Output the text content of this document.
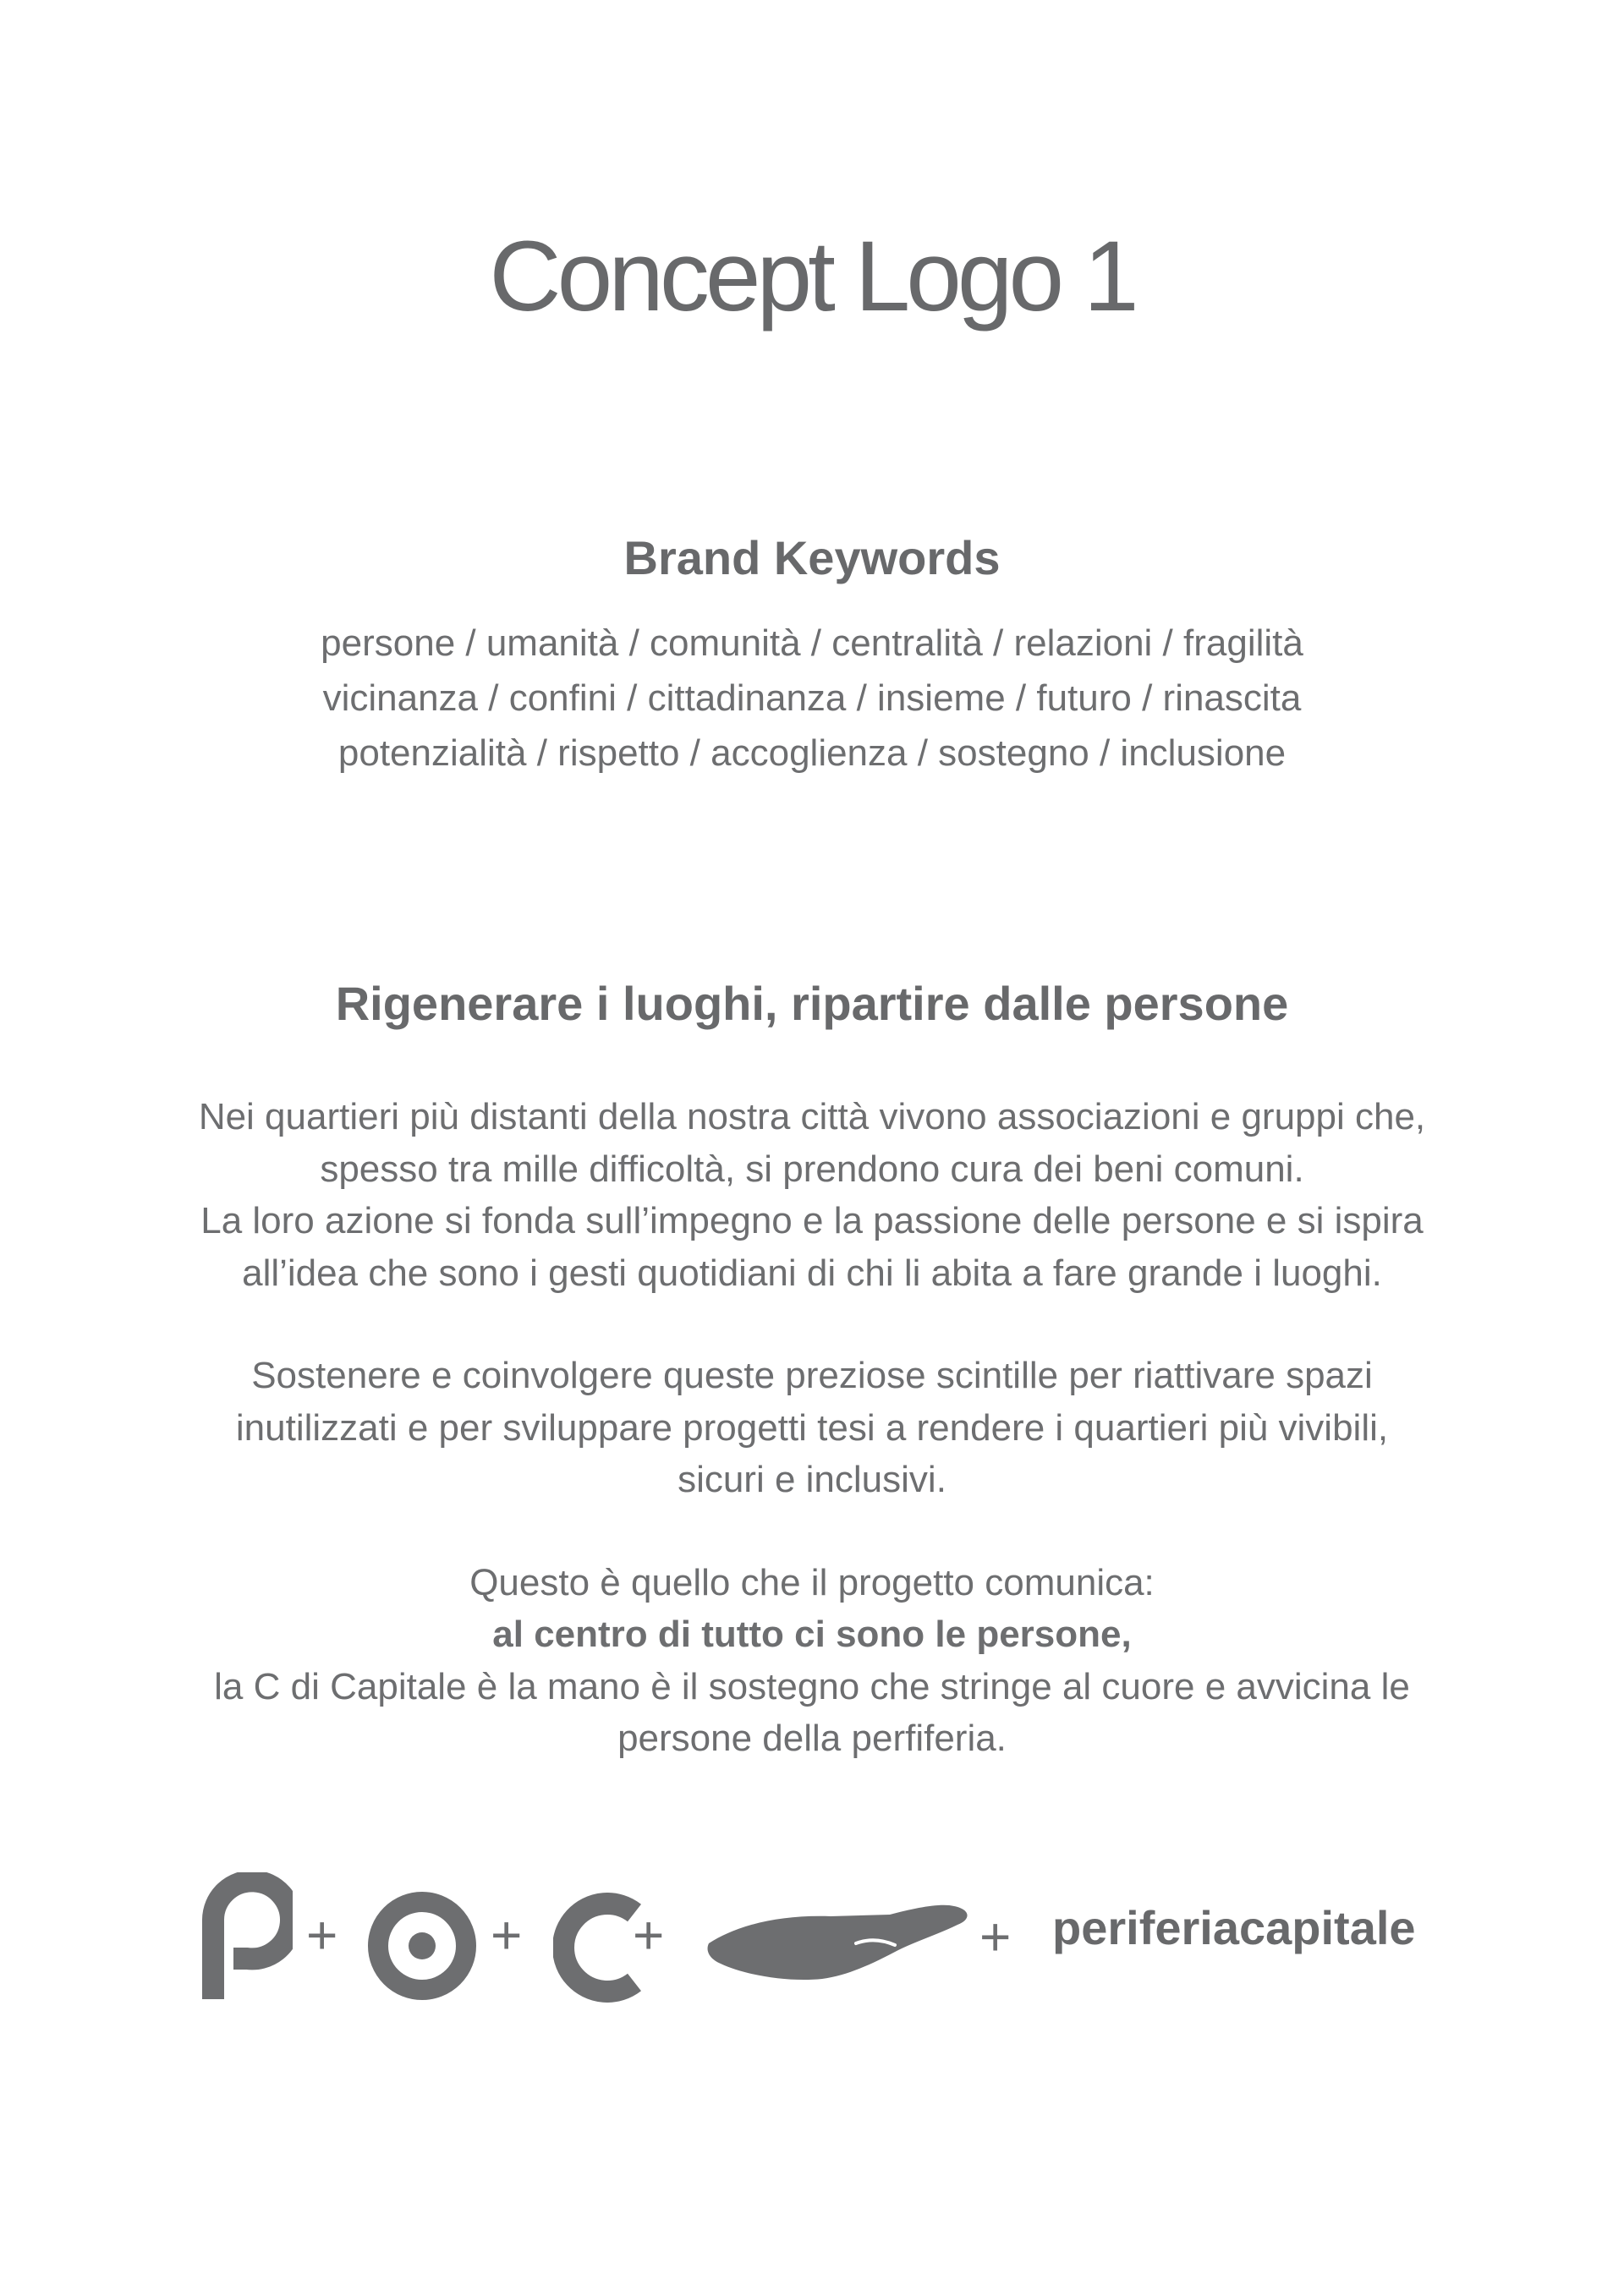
Concept Logo 1
Brand Keywords

persone / umanità / comunità / centralità / relazioni / fragilità

vicinanza / confini / cittadinanza / insieme / futuro / rinascita

potenzialità / rispetto / accoglienza / sostegno / inclusione

Rigenerare i luoghi, ripartire dalle persone
Nei quartieri più distanti della nostra città vivono associazioni e gruppi che,
spesso tra mille difficoltà, si prendono cura dei beni comuni.
La loro azione si fonda sull’impegno e la passione delle persone e si ispira
all’idea che sono i gesti quotidiani di chi li abita a fare grande i luoghi.
Sostenere e coinvolgere queste preziose scintille per riattivare spazi
inutilizzati e per sviluppare progetti tesi a rendere i quartieri più vivibili,
sicuri e inclusivi.
Questo è quello che il progetto comunica:
al centro di tutto ci sono le persone,
la C di Capitale è la mano è il sostegno che stringe al cuore e avvicina le
persone della perfiferia.
+	+ +	+ periferiacapitale
